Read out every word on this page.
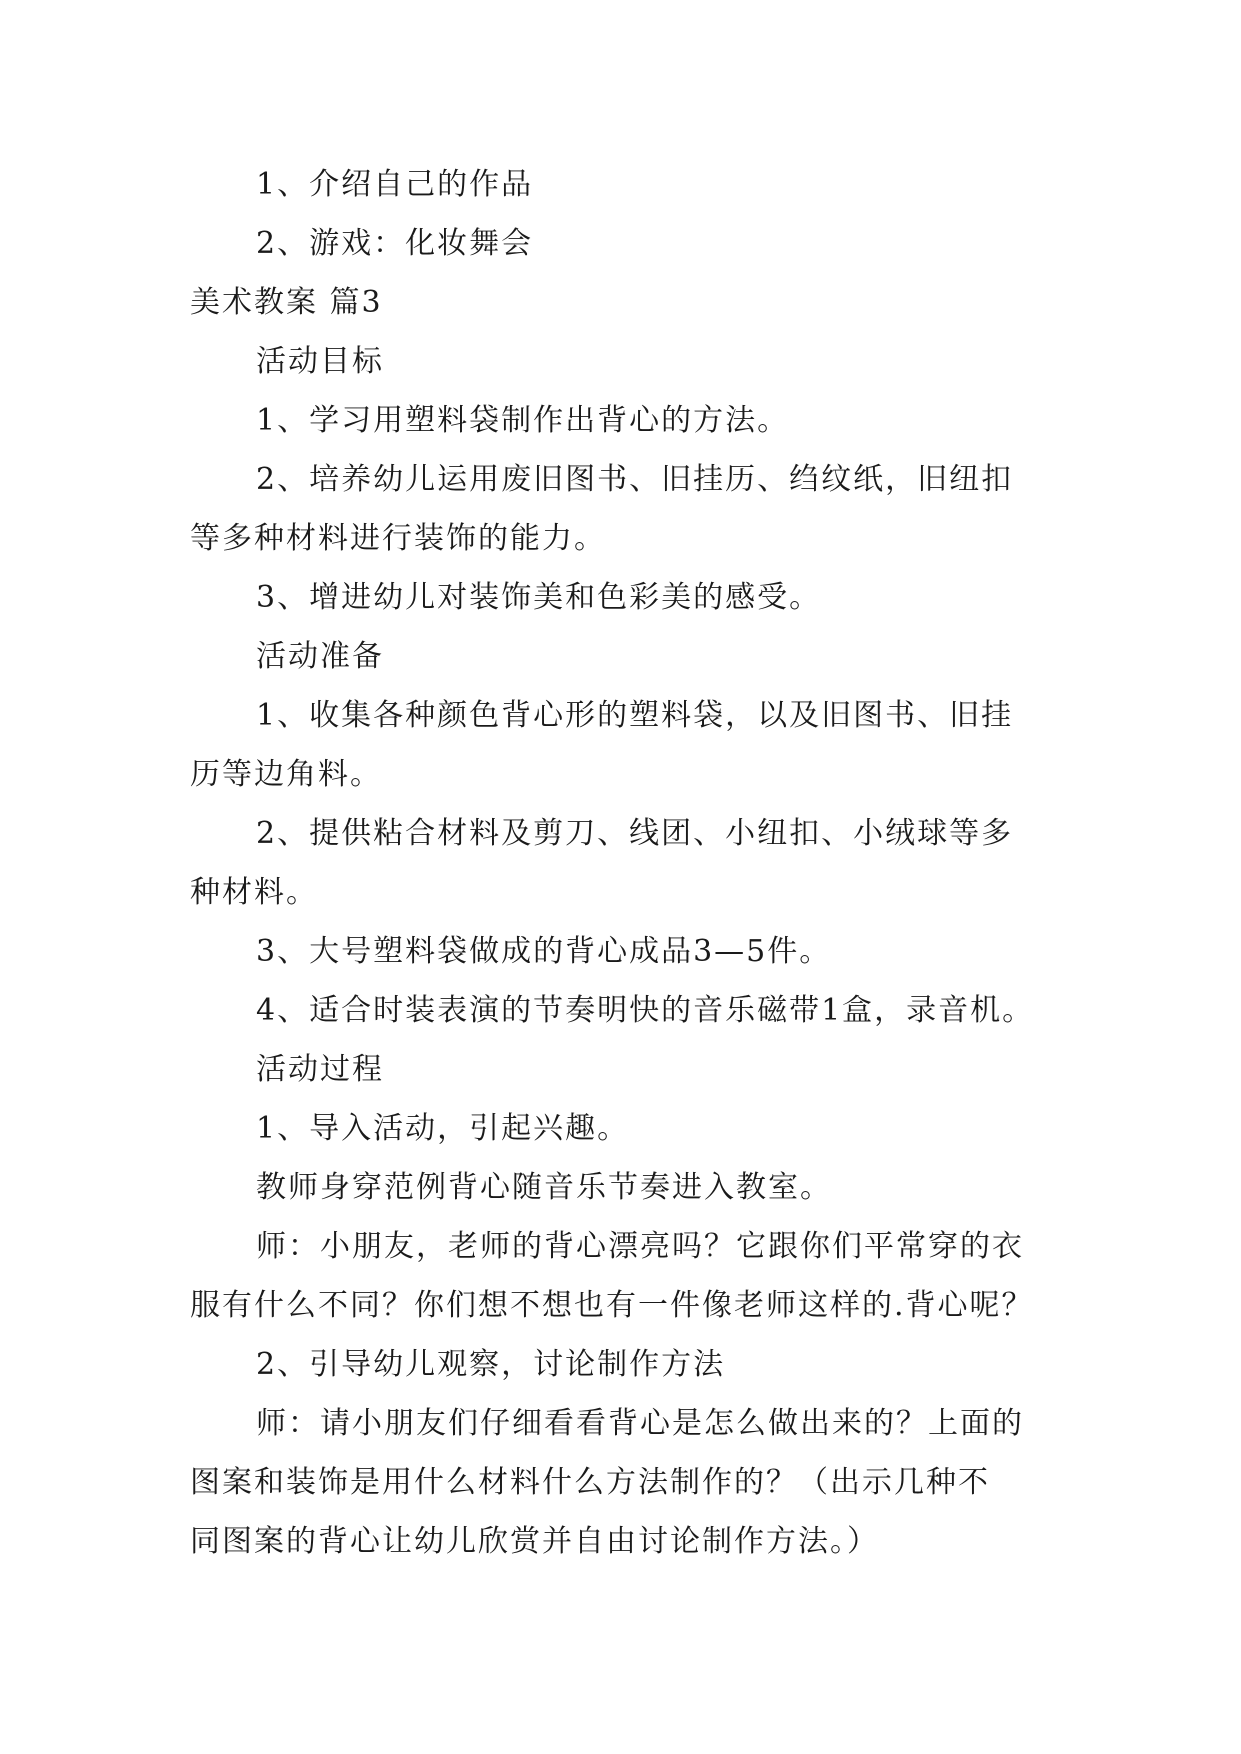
1、介绍自己的作品
2、游戏：化妆舞会
美术教案 篇3
活动目标
1、学习用塑料袋制作出背心的方法。
2、培养幼儿运用废旧图书、旧挂历、绉纹纸，旧纽扣
等多种材料进行装饰的能力。
3、增进幼儿对装饰美和色彩美的感受。
活动准备
1、收集各种颜色背心形的塑料袋，以及旧图书、旧挂
历等边角料。
2、提供粘合材料及剪刀、线团、小纽扣、小绒球等多
种材料。
3、大号塑料袋做成的背心成品3—5件。
4、适合时装表演的节奏明快的音乐磁带1盒，录音机。
活动过程
1、导入活动，引起兴趣。
教师身穿范例背心随音乐节奏进入教室。
师：小朋友，老师的背心漂亮吗？它跟你们平常穿的衣
服有什么不同？你们想不想也有一件像老师这样的.背心呢？
2、引导幼儿观察，讨论制作方法
师：请小朋友们仔细看看背心是怎么做出来的？上面的
图案和装饰是用什么材料什么方法制作的？（出示几种不
同图案的背心让幼儿欣赏并自由讨论制作方法。）
